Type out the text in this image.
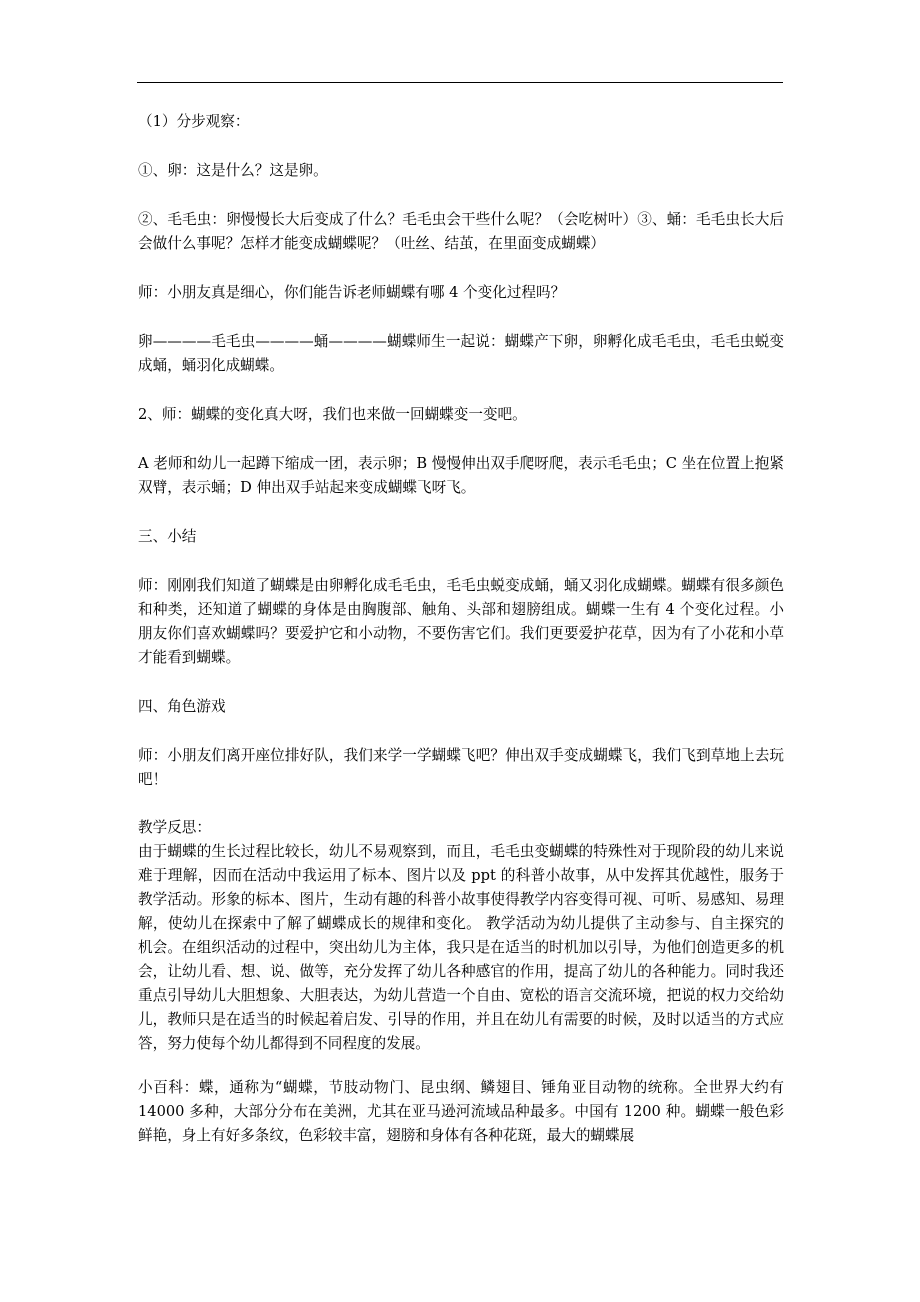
（1）分步观察：

①、卵：这是什么？这是卵。

②、毛毛虫：卵慢慢长大后变成了什么？毛毛虫会干些什么呢？（会吃树叶）③、蛹：毛毛虫长大后会做什么事呢？怎样才能变成蝴蝶呢？（吐丝、结茧，在里面变成蝴蝶）

师：小朋友真是细心，你们能告诉老师蝴蝶有哪 4 个变化过程吗？

卵————毛毛虫————蛹————蝴蝶师生一起说：蝴蝶产下卵，卵孵化成毛毛虫，毛毛虫蜕变成蛹，蛹羽化成蝴蝶。

2、师：蝴蝶的变化真大呀，我们也来做一回蝴蝶变一变吧。

A 老师和幼儿一起蹲下缩成一团，表示卵；B 慢慢伸出双手爬呀爬，表示毛毛虫；C 坐在位置上抱紧双臂，表示蛹；D 伸出双手站起来变成蝴蝶飞呀飞。

三、小结

师：刚刚我们知道了蝴蝶是由卵孵化成毛毛虫，毛毛虫蜕变成蛹，蛹又羽化成蝴蝶。蝴蝶有很多颜色和种类，还知道了蝴蝶的身体是由胸腹部、触角、头部和翅膀组成。蝴蝶一生有 4 个变化过程。小朋友你们喜欢蝴蝶吗？要爱护它和小动物，不要伤害它们。我们更要爱护花草，因为有了小花和小草才能看到蝴蝶。

四、角色游戏

师：小朋友们离开座位排好队，我们来学一学蝴蝶飞吧？伸出双手变成蝴蝶飞，我们飞到草地上去玩吧！

教学反思：

由于蝴蝶的生长过程比较长，幼儿不易观察到，而且，毛毛虫变蝴蝶的特殊性对于现阶段的幼儿来说难于理解，因而在活动中我运用了标本、图片以及 ppt 的科普小故事，从中发挥其优越性，服务于教学活动。形象的标本、图片，生动有趣的科普小故事使得教学内容变得可视、可听、易感知、易理解，使幼儿在探索中了解了蝴蝶成长的规律和变化。 教学活动为幼儿提供了主动参与、自主探究的机会。在组织活动的过程中，突出幼儿为主体，我只是在适当的时机加以引导，为他们创造更多的机会，让幼儿看、想、说、做等，充分发挥了幼儿各种感官的作用，提高了幼儿的各种能力。同时我还重点引导幼儿大胆想象、大胆表达，为幼儿营造一个自由、宽松的语言交流环境，把说的权力交给幼儿，教师只是在适当的时候起着启发、引导的作用，并且在幼儿有需要的时候，及时以适当的方式应答，努力使每个幼儿都得到不同程度的发展。

小百科：蝶，通称为“蝴蝶，节肢动物门、昆虫纲、鳞翅目、锤角亚目动物的统称。全世界大约有 14000 多种，大部分分布在美洲，尤其在亚马逊河流域品种最多。中国有 1200 种。蝴蝶一般色彩鲜艳，身上有好多条纹，色彩较丰富，翅膀和身体有各种花斑，最大的蝴蝶展
